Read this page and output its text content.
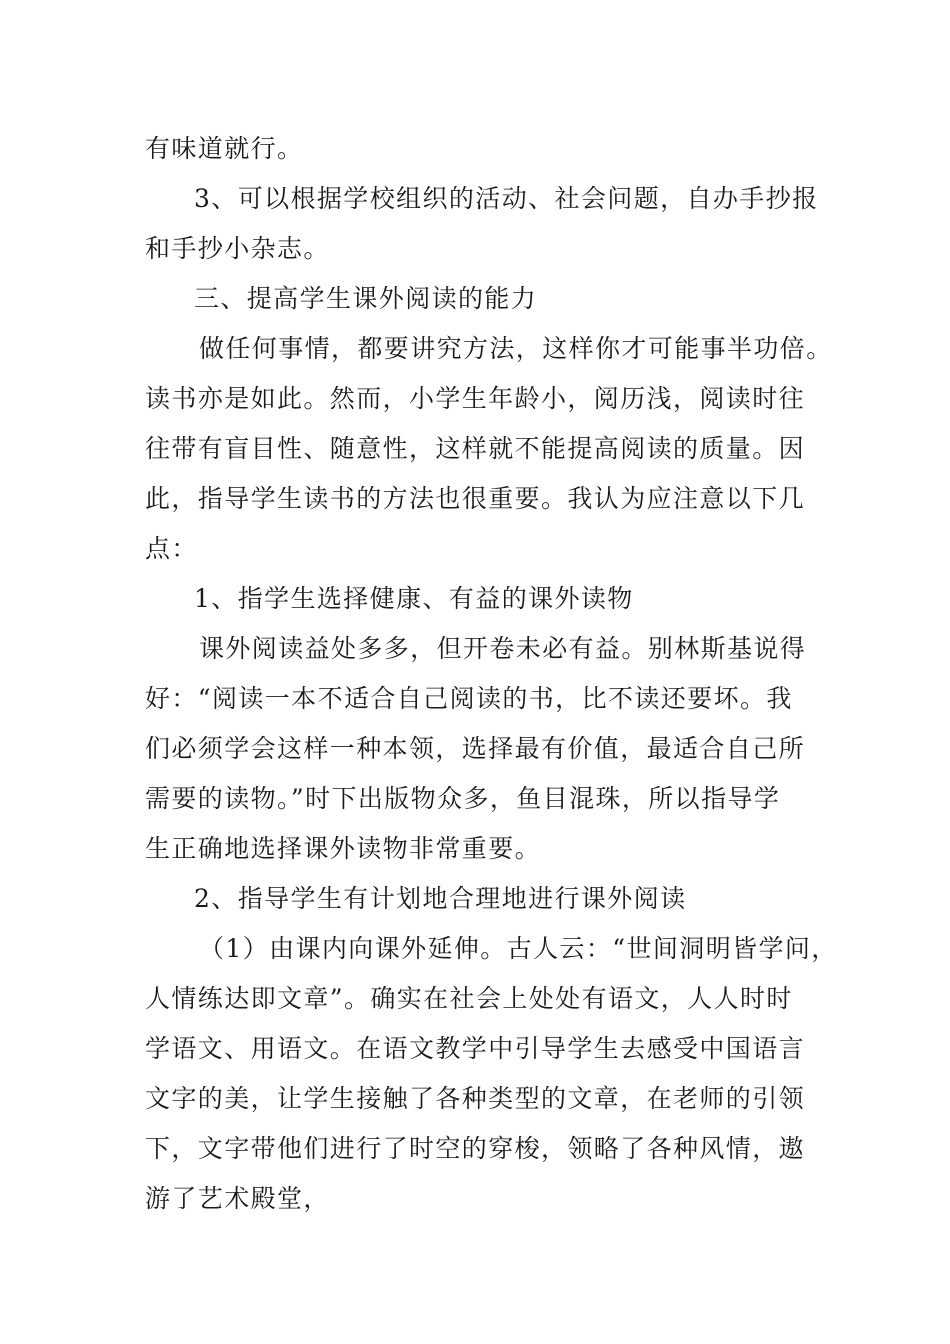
有味道就行。
3、可以根据学校组织的活动、社会问题，自办手抄报
和手抄小杂志。
三、提高学生课外阅读的能力
做任何事情，都要讲究方法，这样你才可能事半功倍。
读书亦是如此。然而，小学生年龄小，阅历浅，阅读时往
往带有盲目性、随意性，这样就不能提高阅读的质量。因
此，指导学生读书的方法也很重要。我认为应注意以下几
点：
1、指学生选择健康、有益的课外读物
课外阅读益处多多，但开卷未必有益。别林斯基说得
好：“阅读一本不适合自己阅读的书，比不读还要坏。我
们必须学会这样一种本领，选择最有价值，最适合自己所
需要的读物。”时下出版物众多，鱼目混珠，所以指导学
生正确地选择课外读物非常重要。
2、指导学生有计划地合理地进行课外阅读
（1）由课内向课外延伸。古人云：“世间洞明皆学问，
人情练达即文章”。确实在社会上处处有语文，人人时时
学语文、用语文。在语文教学中引导学生去感受中国语言
文字的美，让学生接触了各种类型的文章，在老师的引领
下，文字带他们进行了时空的穿梭，领略了各种风情，遨
游了艺术殿堂，
